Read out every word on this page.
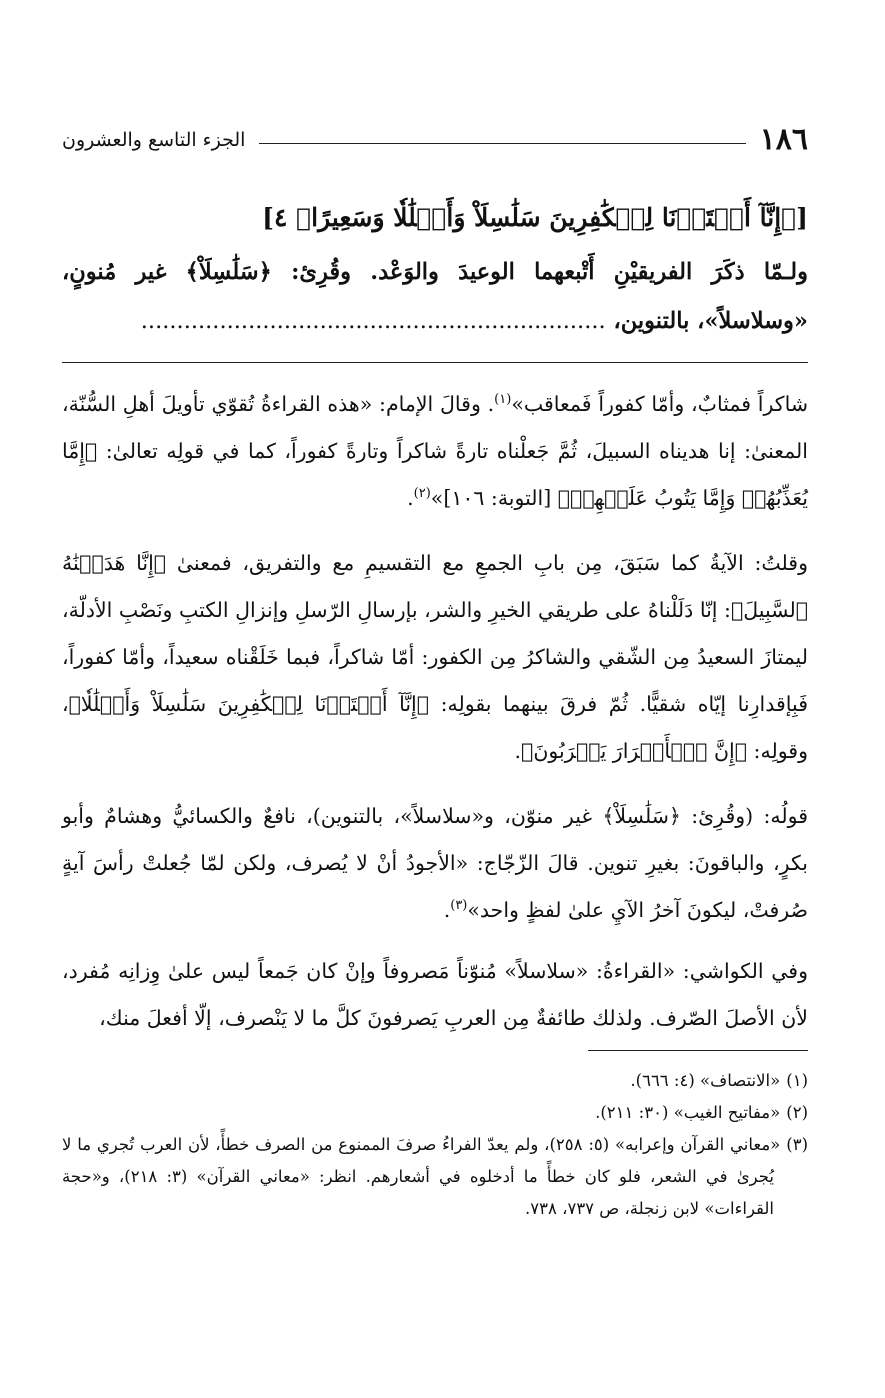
١٨٦
الجزء التاسع والعشرون
[﴿إِنَّآ أَعۡتَدۡنَا لِلۡكَٰفِرِينَ سَلَٰسِلَاْ وَأَغۡلَٰلٗا وَسَعِيرًا﴾ ٤]
ولـمّا ذكَرَ الفريقيْنِ أَتْبعهما الوعيدَ والوَعْد. وقُرِئ: ﴿سَلَٰسِلَاْ﴾ غير مُنونٍ، «وسلاسلاً»، بالتنوين، .................................................................

شاكراً فمثابٌ، وأمّا كفوراً فَمعاقب»$^{(١)}$. وقالَ الإمام: «هذه القراءةُ تُقوّي تأويلَ أهلِ السُّنّة، المعنىٰ: إنا هديناه السبيلَ، ثُمَّ جَعلْناه تارةً شاكراً وتارةً كفوراً، كما في قولِه تعالىٰ: ﴿إِمَّا يُعَذِّبُهُمۡ وَإِمَّا يَتُوبُ عَلَيۡهِمۡ﴾ [التوبة: ١٠٦]»$^{(٢)}$.

وقلتُ: الآيةُ كما سَبَقَ، مِن بابِ الجمعِ مع التقسيمِ مع والتفريق، فمعنىٰ ﴿إِنَّا هَدَيۡنَٰهُ ٱلسَّبِيلَ﴾: إنّا دَلَلْناهُ على طريقي الخيرِ والشر، بإرسالِ الرّسلِ وإنزالِ الكتبِ ونَصْبِ الأدلّة، ليمتازَ السعيدُ مِن الشّقي والشاكرُ مِن الكفور: أمّا شاكراً، فبما خَلَقْناه سعيداً، وأمّا كفوراً، فَبِإقدارِنا إيّاه شقيًّا. ثُمّ فرقَ بينهما بقولِه: ﴿إِنَّآ أَعۡتَدۡنَا لِلۡكَٰفِرِينَ سَلَٰسِلَاْ وَأَغۡلَٰلٗا﴾، وقولِه: ﴿إِنَّ ٱلۡأَبۡرَارَ يَشۡرَبُونَ﴾.

قولُه: (وقُرِئ: ﴿سَلَٰسِلَاْ﴾ غير منوّن، و«سلاسلاً»، بالتنوين)، نافعٌ والكسائيُّ وهشامٌ وأبو بكرٍ، والباقونَ: بغيرِ تنوين. قالَ الزّجّاج: «الأجودُ أنْ لا يُصرف، ولكن لمّا جُعلتْ رأسَ آيةٍ صُرفتْ، ليكونَ آخرُ الآيِ علىٰ لفظٍ واحد»$^{(٣)}$.

وفي الكواشي: «القراءةُ: «سلاسلاً» مُنوّناً مَصروفاً وإنْ كان جَمعاً ليس علىٰ وِزانِه مُفرد، لأن الأصلَ الصّرف. ولذلك طائفةٌ مِن العربِ يَصرفونَ كلَّ ما لا يَنْصرف، إلّا أفعلَ منك،

(١)«الانتصاف» (٤: ٦٦٦).

(٢)«مفاتيح الغيب» (٣٠: ٢١١).

(٣)«معاني القرآن وإعرابه» (٥: ٢٥٨)، ولم يعدّ الفراءُ صرفَ الممنوع من الصرف خطأً، لأن العرب تُجري ما لا يُجرىٰ في الشعر، فلو كان خطأً ما أدخلوه في أشعارهم. انظر: «معاني القرآن» (٣: ٢١٨)، و«حجة القراءات» لابن زنجلة، ص ٧٣٧، ٧٣٨.
